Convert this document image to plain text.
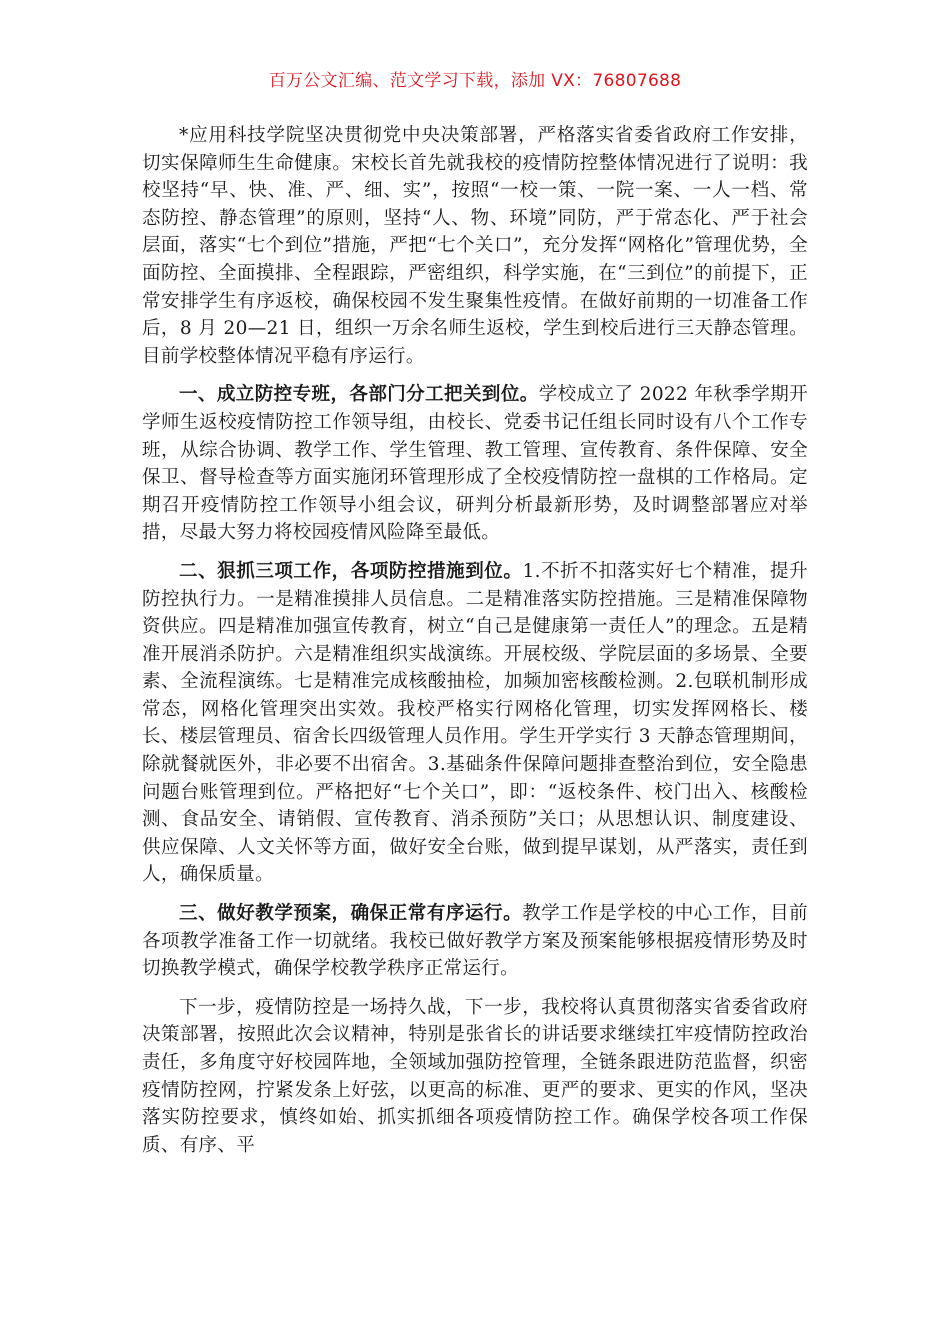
百万公文汇编、范文学习下载，添加 VX：76807688

*应用科技学院坚决贯彻党中央决策部署，严格落实省委省政府工作安排，切实保障师生生命健康。宋校长首先就我校的疫情防控整体情况进行了说明：我校坚持“早、快、准、严、细、实”，按照“一校一策、一院一案、一人一档、常态防控、静态管理”的原则，坚持“人、物、环境”同防，严于常态化、严于社会层面，落实“七个到位”措施，严把“七个关口”，充分发挥“网格化”管理优势，全面防控、全面摸排、全程跟踪，严密组织，科学实施，在“三到位”的前提下，正常安排学生有序返校，确保校园不发生聚集性疫情。在做好前期的一切准备工作后，8 月 20—21 日，组织一万余名师生返校，学生到校后进行三天静态管理。目前学校整体情况平稳有序运行。

一、成立防控专班，各部门分工把关到位。学校成立了 2022 年秋季学期开学师生返校疫情防控工作领导组，由校长、党委书记任组长同时设有八个工作专班，从综合协调、教学工作、学生管理、教工管理、宣传教育、条件保障、安全保卫、督导检查等方面实施闭环管理形成了全校疫情防控一盘棋的工作格局。定期召开疫情防控工作领导小组会议，研判分析最新形势，及时调整部署应对举措，尽最大努力将校园疫情风险降至最低。

二、狠抓三项工作，各项防控措施到位。1.不折不扣落实好七个精准，提升防控执行力。一是精准摸排人员信息。二是精准落实防控措施。三是精准保障物资供应。四是精准加强宣传教育，树立“自己是健康第一责任人”的理念。五是精准开展消杀防护。六是精准组织实战演练。开展校级、学院层面的多场景、全要素、全流程演练。七是精准完成核酸抽检，加频加密核酸检测。2.包联机制形成常态，网格化管理突出实效。我校严格实行网格化管理，切实发挥网格长、楼长、楼层管理员、宿舍长四级管理人员作用。学生开学实行 3 天静态管理期间，除就餐就医外，非必要不出宿舍。3.基础条件保障问题排查整治到位，安全隐患问题台账管理到位。严格把好“七个关口”，即：“返校条件、校门出入、核酸检测、食品安全、请销假、宣传教育、消杀预防”关口；从思想认识、制度建设、供应保障、人文关怀等方面，做好安全台账，做到提早谋划，从严落实，责任到人，确保质量。

三、做好教学预案，确保正常有序运行。教学工作是学校的中心工作，目前各项教学准备工作一切就绪。我校已做好教学方案及预案能够根据疫情形势及时切换教学模式，确保学校教学秩序正常运行。

下一步，疫情防控是一场持久战，下一步，我校将认真贯彻落实省委省政府决策部署，按照此次会议精神，特别是张省长的讲话要求继续扛牢疫情防控政治责任，多角度守好校园阵地，全领域加强防控管理，全链条跟进防范监督，织密疫情防控网，拧紧发条上好弦，以更高的标准、更严的要求、更实的作风，坚决落实防控要求，慎终如始、抓实抓细各项疫情防控工作。确保学校各项工作保质、有序、平
